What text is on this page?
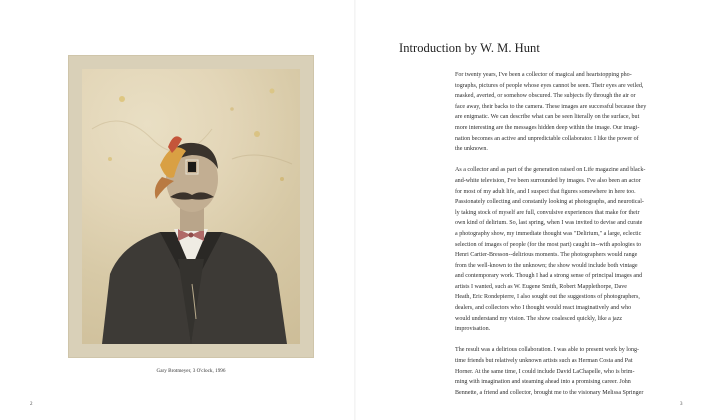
Gary Brotmeyer, 3 O'clock, 1996
2
Introduction by W. M. Hunt

For twenty years, I've been a collector of magical and heartstopping pho-
tographs, pictures of people whose eyes cannot be seen. Their eyes are veiled,
masked, averted, or somehow obscured. The subjects fly through the air or
face away, their backs to the camera. These images are successful because they
are enigmatic. We can describe what can be seen literally on the surface, but
more interesting are the messages hidden deep within the image. Our imagi-
nation becomes an active and unpredictable collaborator. I like the power of
the unknown.

As a collector and as part of the generation raised on Life magazine and black-
and-white television, I've been surrounded by images. I've also been an actor
for most of my adult life, and I suspect that figures somewhere in here too.
Passionately collecting and constantly looking at photographs, and neurotical-
ly taking stock of myself are full, convulsive experiences that make for their
own kind of delirium. So, last spring, when I was invited to devise and curate
a photography show, my immediate thought was "Delirium," a large, eclectic
selection of images of people (for the most part) caught in--with apologies to
Henri Cartier-Bresson--delirious moments. The photographers would range
from the well-known to the unknown; the show would include both vintage
and contemporary work. Though I had a strong sense of principal images and
artists I wanted, such as W. Eugene Smith, Robert Mapplethorpe, Dave
Heath, Eric Rondepierre, I also sought out the suggestions of photographers,
dealers, and collectors who I thought would react imaginatively and who
would understand my vision. The show coalesced quickly, like a jazz
improvisation.

The result was a delirious collaboration. I was able to present work by long-
time friends but relatively unknown artists such as Herman Costa and Pat
Horner. At the same time, I could include David LaChapelle, who is brim-
ming with imagination and steaming ahead into a promising career. John
Bennette, a friend and collector, brought me to the visionary Melissa Springer

3
